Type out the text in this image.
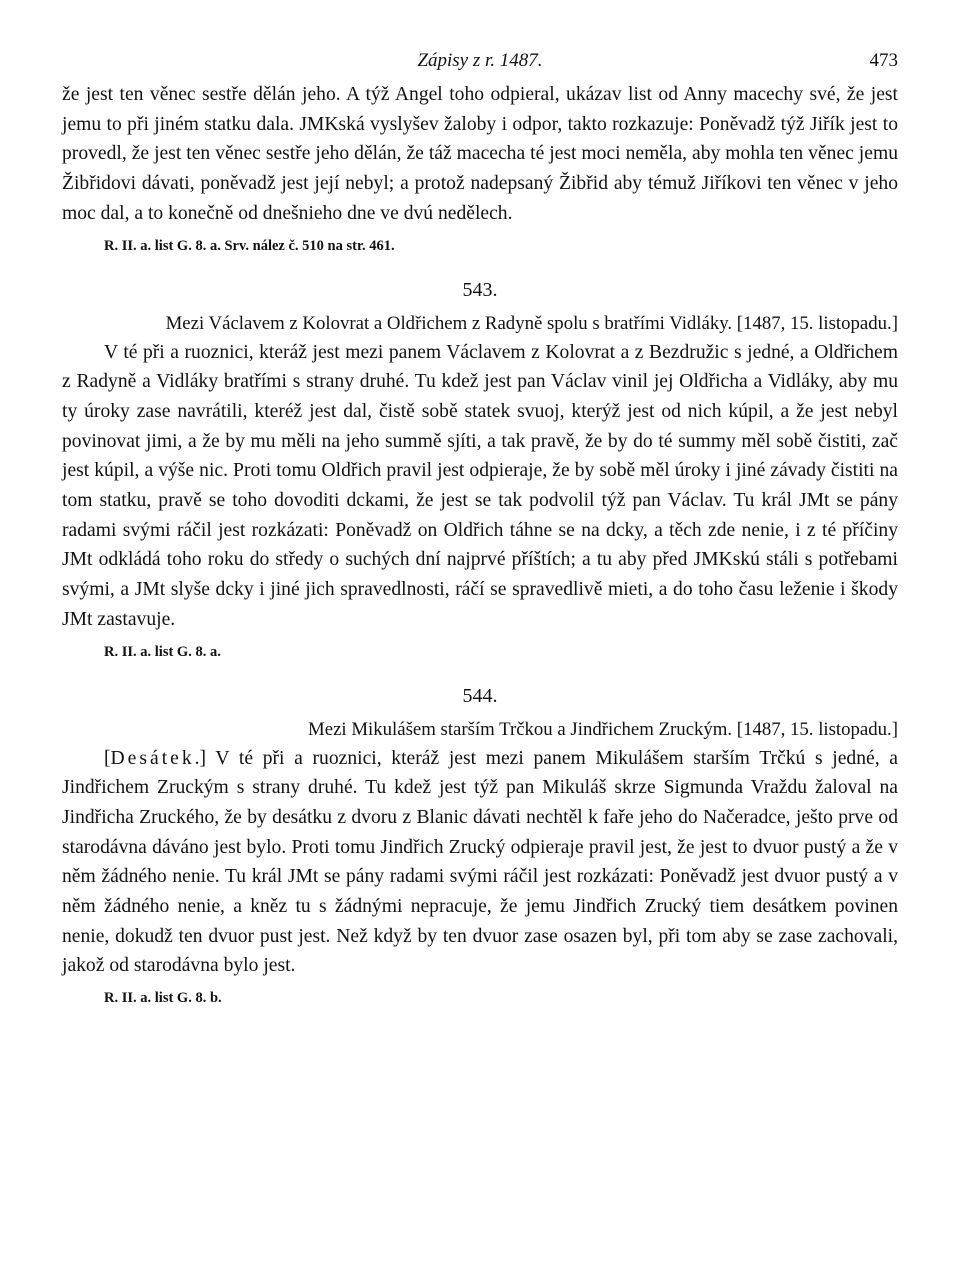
Zápisy z r. 1487.	473

že jest ten věnec sestře dělán jeho. A týž Angel toho odpieral, ukázav list od Anny macechy své, že jest jemu to při jiném statku dala. JMKská vyslyšev žaloby i odpor, takto rozkazuje: Poněvadž týž Jiřík jest to provedl, že jest ten věnec sestře jeho dělán, že táž macecha té jest moci neměla, aby mohla ten věnec jemu Žibřidovi dávati, poněvadž jest její nebyl; a protož nadepsaný Žibřid aby témuž Jiříkovi ten věnec v jeho moc dal, a to konečně od dnešnieho dne ve dvú nedělech.

R. II. a. list G. 8. a. Srv. nález č. 510 na str. 461.
543.

Mezi Václavem z Kolovrat a Oldřichem z Radyně spolu s bratřími Vidláky. [1487, 15. listopadu.]

V té při a ruoznici, kteráž jest mezi panem Václavem z Kolovrat a z Bezdružic s jedné, a Oldřichem z Radyně a Vidláky bratřími s strany druhé. Tu kdež jest pan Václav vinil jej Oldřicha a Vidláky, aby mu ty úroky zase navrátili, kteréž jest dal, čistě sobě statek svuoj, kterýž jest od nich kúpil, a že jest nebyl povinovat jimi, a že by mu měli na jeho summě sjíti, a tak pravě, že by do té summy měl sobě čistiti, zač jest kúpil, a výše nic. Proti tomu Oldřich pravil jest odpieraje, že by sobě měl úroky i jiné závady čistiti na tom statku, pravě se toho dovoditi dckami, že jest se tak podvolil týž pan Václav. Tu král JMt se pány radami svými ráčil jest rozkázati: Poněvadž on Oldřich táhne se na dcky, a těch zde nenie, i z té příčiny JMt odkládá toho roku do středy o suchých dní najprvé příštích; a tu aby před JMKskú stáli s potřebami svými, a JMt slyše dcky i jiné jich spravedlnosti, ráčí se spravedlivě mieti, a do toho času leženie i škody JMt zastavuje.

R. II. a. list G. 8. a.
544.

Mezi Mikulášem starším Trčkou a Jindřichem Zruckým. [1487, 15. listopadu.]

[Desátek.] V té při a ruoznici, kteráž jest mezi panem Mikulášem starším Trčkú s jedné, a Jindřichem Zruckým s strany druhé. Tu kdež jest týž pan Mikuláš skrze Sigmunda Vraždu žaloval na Jindřicha Zruckého, že by desátku z dvoru z Blanic dávati nechtěl k faře jeho do Načeradce, ješto prve od starodávna dáváno jest bylo. Proti tomu Jindřich Zrucký odpieraje pravil jest, že jest to dvuor pustý a že v něm žádného nenie. Tu král JMt se pány radami svými ráčil jest rozkázati: Poněvadž jest dvuor pustý a v něm žádného nenie, a kněz tu s žádnými nepracuje, že jemu Jindřich Zrucký tiem desátkem povinen nenie, dokudž ten dvuor pust jest. Než když by ten dvuor zase osazen byl, při tom aby se zase zachovali, jakož od starodávna bylo jest.

R. II. a. list G. 8. b.
